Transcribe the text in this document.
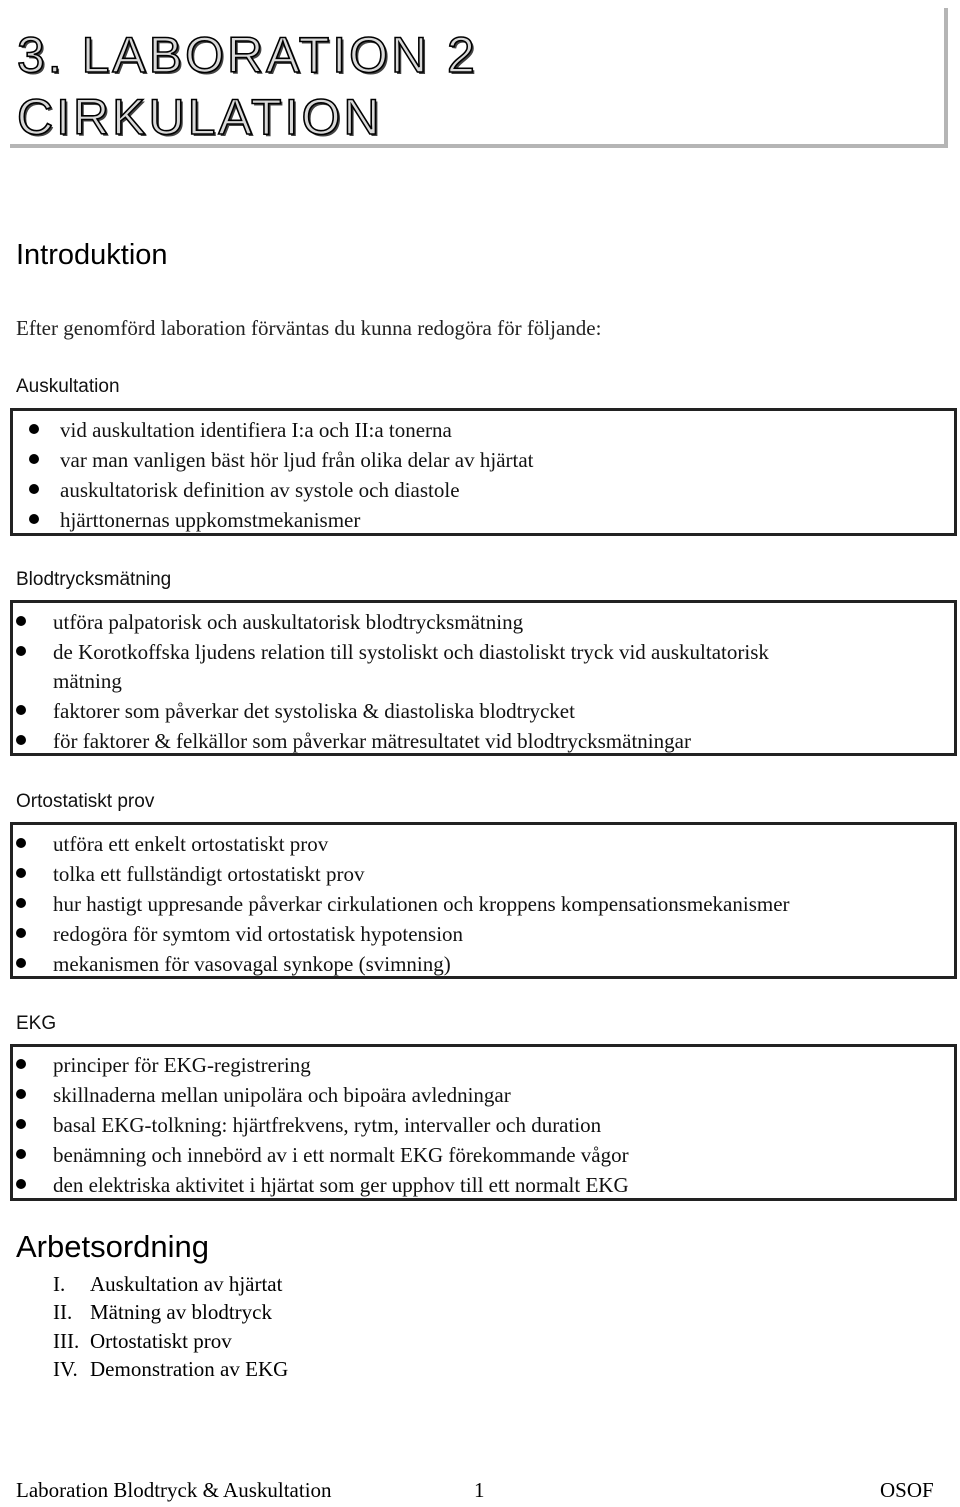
3. LABORATION 2
CIRKULATION
Introduktion
Efter genomförd laboration förväntas du kunna redogöra för följande:
Auskultation
vid auskultation identifiera I:a och II:a tonerna
var man vanligen bäst hör ljud från olika delar av hjärtat
auskultatorisk definition av systole och diastole
hjärttonernas uppkomstmekanismer
Blodtrycksmätning
utföra palpatorisk och auskultatorisk blodtrycksmätning
de Korotkoffska ljudens relation till systoliskt och diastoliskt tryck vid auskultatorisk
mätning
faktorer som påverkar det systoliska & diastoliska blodtrycket
för faktorer & felkällor som påverkar mätresultatet vid blodtrycksmätningar
Ortostatiskt prov
utföra ett enkelt ortostatiskt prov
tolka ett fullständigt ortostatiskt prov
hur hastigt uppresande påverkar cirkulationen och kroppens kompensationsmekanismer
redogöra för symtom vid ortostatisk hypotension
mekanismen för vasovagal synkope (svimning)
EKG
principer för EKG-registrering
skillnaderna mellan unipolära och bipoära avledningar
basal EKG-tolkning: hjärtfrekvens, rytm, intervaller och duration
benämning och innebörd av i ett normalt EKG förekommande vågor
den elektriska aktivitet i hjärtat som ger upphov till ett normalt EKG
Arbetsordning
I. Auskultation av hjärtat
II. Mätning av blodtryck
III. Ortostatiskt prov
IV. Demonstration av EKG
Laboration Blodtryck & Auskultation	1	OSOF
